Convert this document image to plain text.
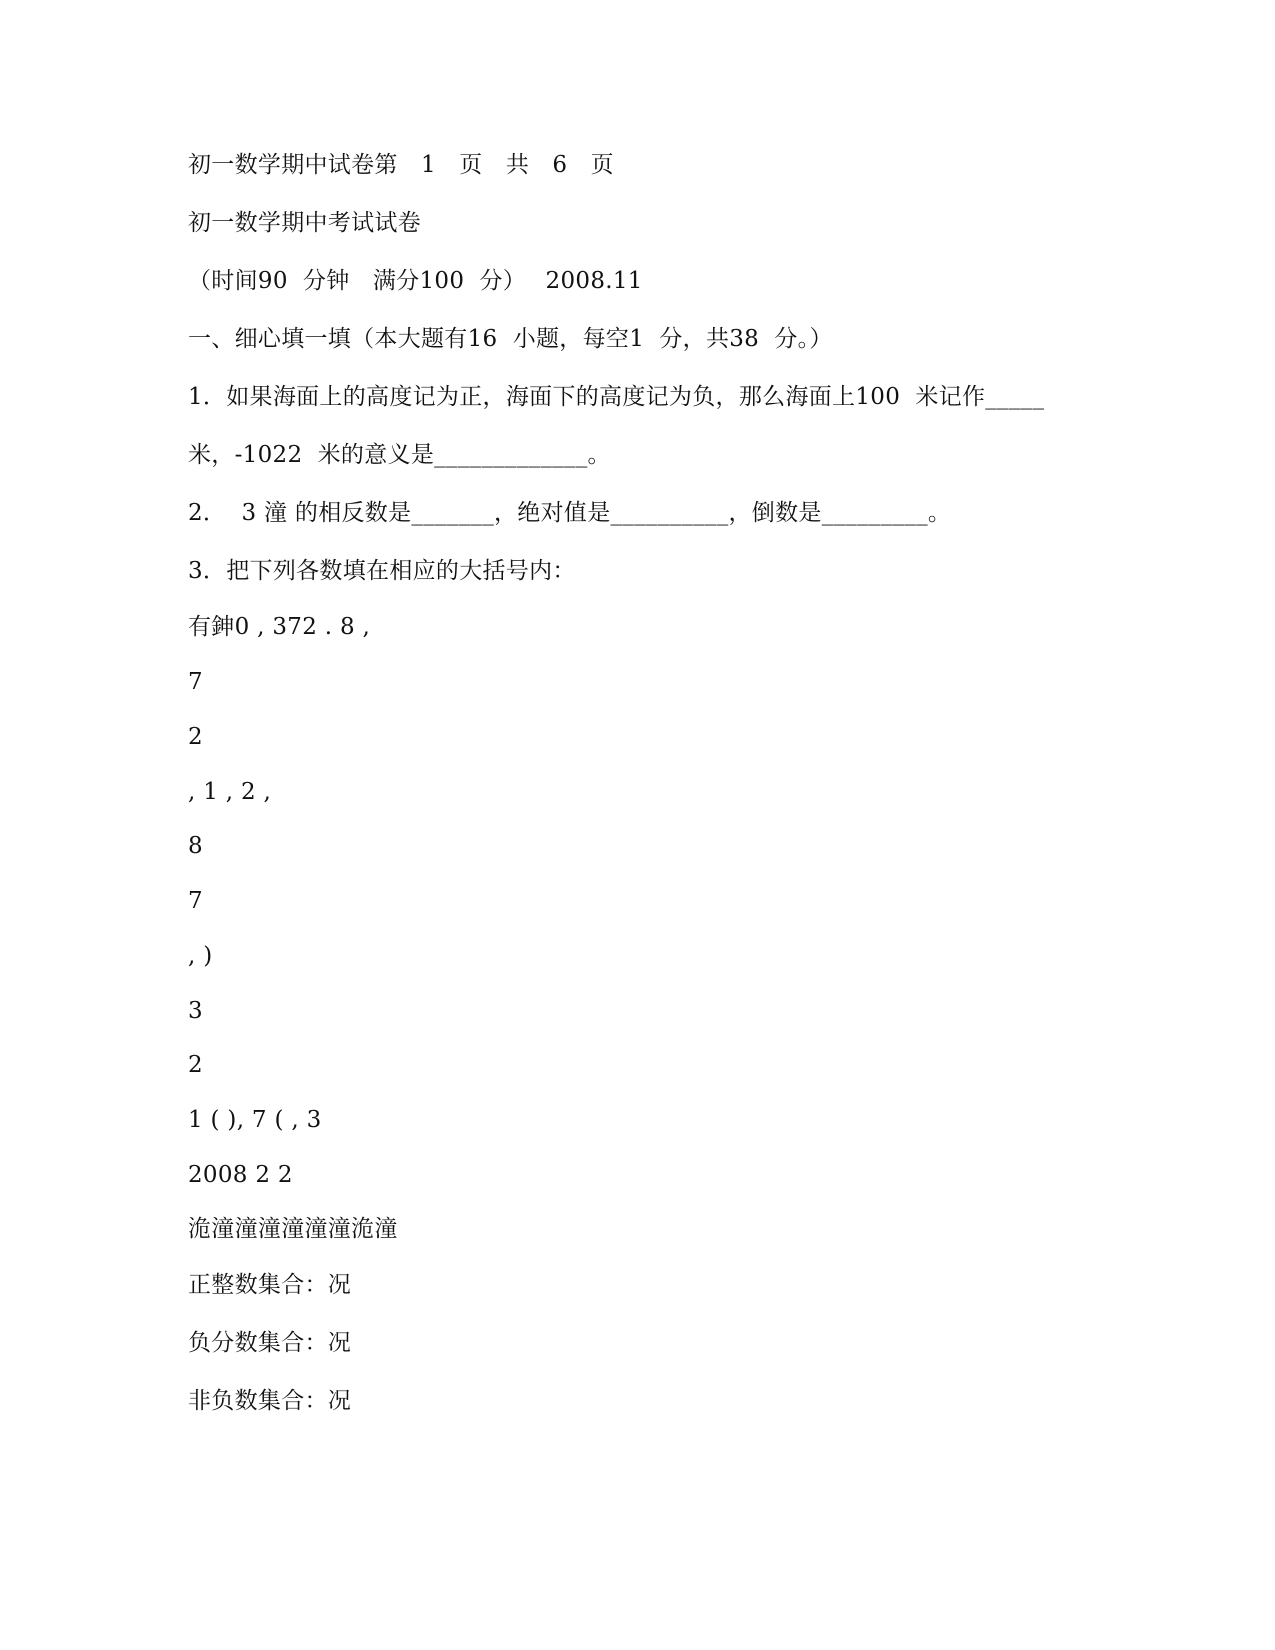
初一数学期中试卷第　1　页　共　6　页
初一数学期中考试试卷
（时间90  分钟　满分100  分）　 2008.11
一、细心填一填（本大题有16  小题，每空1  分，共38  分。）
1．如果海面上的高度记为正，海面下的高度记为负，那么海面上100  米记作_____
米，-1022  米的意义是_____________。
2．  3 潼 的相反数是_______，绝对值是__________，倒数是_________。
3．把下列各数填在相应的大括号内：
有鉮0 , 372 . 8 ,
7
2
, 1 , 2 ,
8
7
, )
3
2
1 ( ), 7 ( , 3
2008 2 2
洈潼潼潼潼潼潼洈潼
正整数集合：况
负分数集合：况
非负数集合：况
